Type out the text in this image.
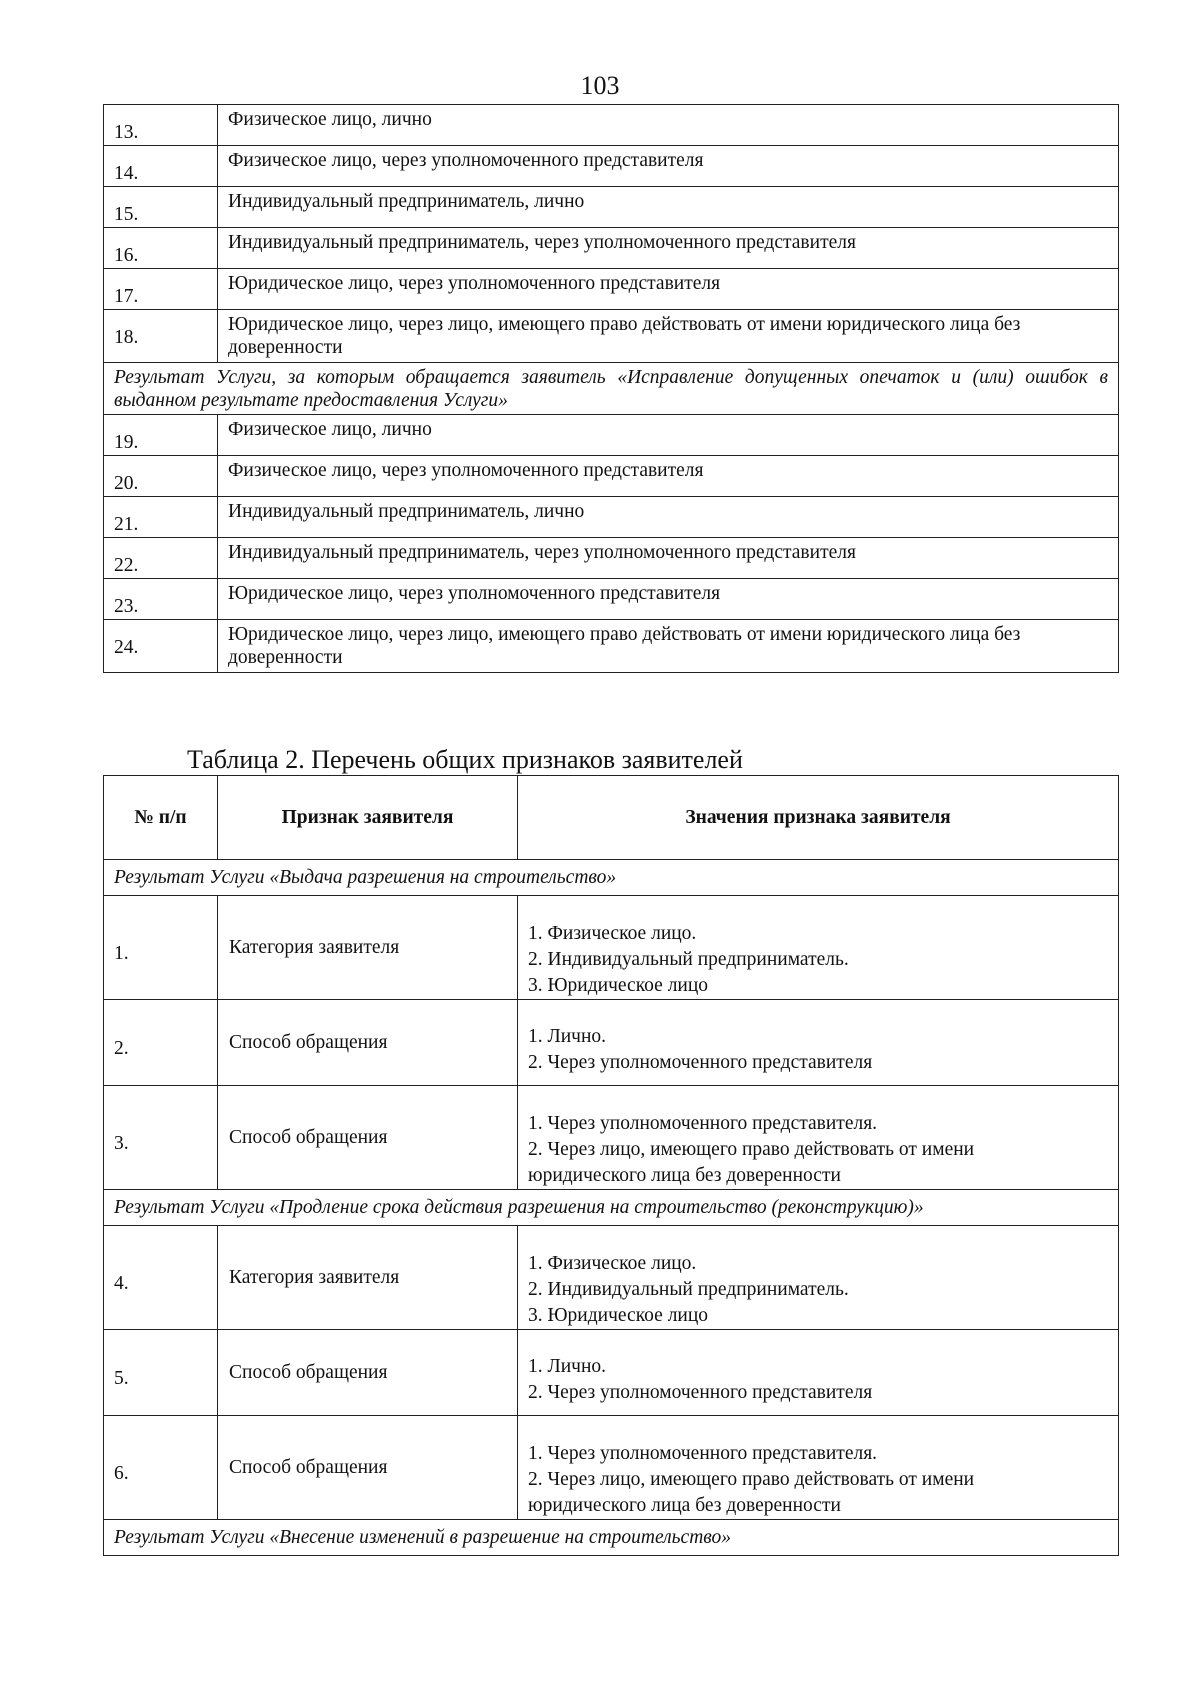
103
13.	Физическое лицо, лично
14.	Физическое лицо, через уполномоченного представителя
15.	Индивидуальный предприниматель, лично
16.	Индивидуальный предприниматель, через уполномоченного представителя
17.	Юридическое лицо, через уполномоченного представителя
18.	Юридическое лицо, через лицо, имеющего право действовать от имени юридического лица без доверенности
Результат Услуги, за которым обращается заявитель «Исправление допущенных опечаток и (или) ошибок в выданном результате предоставления Услуги»	
19.	Физическое лицо, лично
20.	Физическое лицо, через уполномоченного представителя
21.	Индивидуальный предприниматель, лично
22.	Индивидуальный предприниматель, через уполномоченного представителя
23.	Юридическое лицо, через уполномоченного представителя
24.	Юридическое лицо, через лицо, имеющего право действовать от имени юридического лица без доверенности
Таблица 2. Перечень общих признаков заявителей
№ п/п	Признак заявителя	Значения признака заявителя
Результат Услуги «Выдача разрешения на строительство»		
1.	Категория заявителя	1. Физическое лицо.
2. Индивидуальный предприниматель.
3. Юридическое лицо

2.	Способ обращения	1. Лично.
2. Через уполномоченного представителя

3.	Способ обращения	1. Через уполномоченного представителя.
2. Через лицо, имеющего право действовать от имени
юридического лица без доверенности

Результат Услуги «Продление срока действия разрешения на строительство (реконструкцию)»		
4.	Категория заявителя	1. Физическое лицо.
2. Индивидуальный предприниматель.
3. Юридическое лицо

5.	Способ обращения	1. Лично.
2. Через уполномоченного представителя

6.	Способ обращения	1. Через уполномоченного представителя.
2. Через лицо, имеющего право действовать от имени
юридического лица без доверенности

Результат Услуги «Внесение изменений в разрешение на строительство»		
